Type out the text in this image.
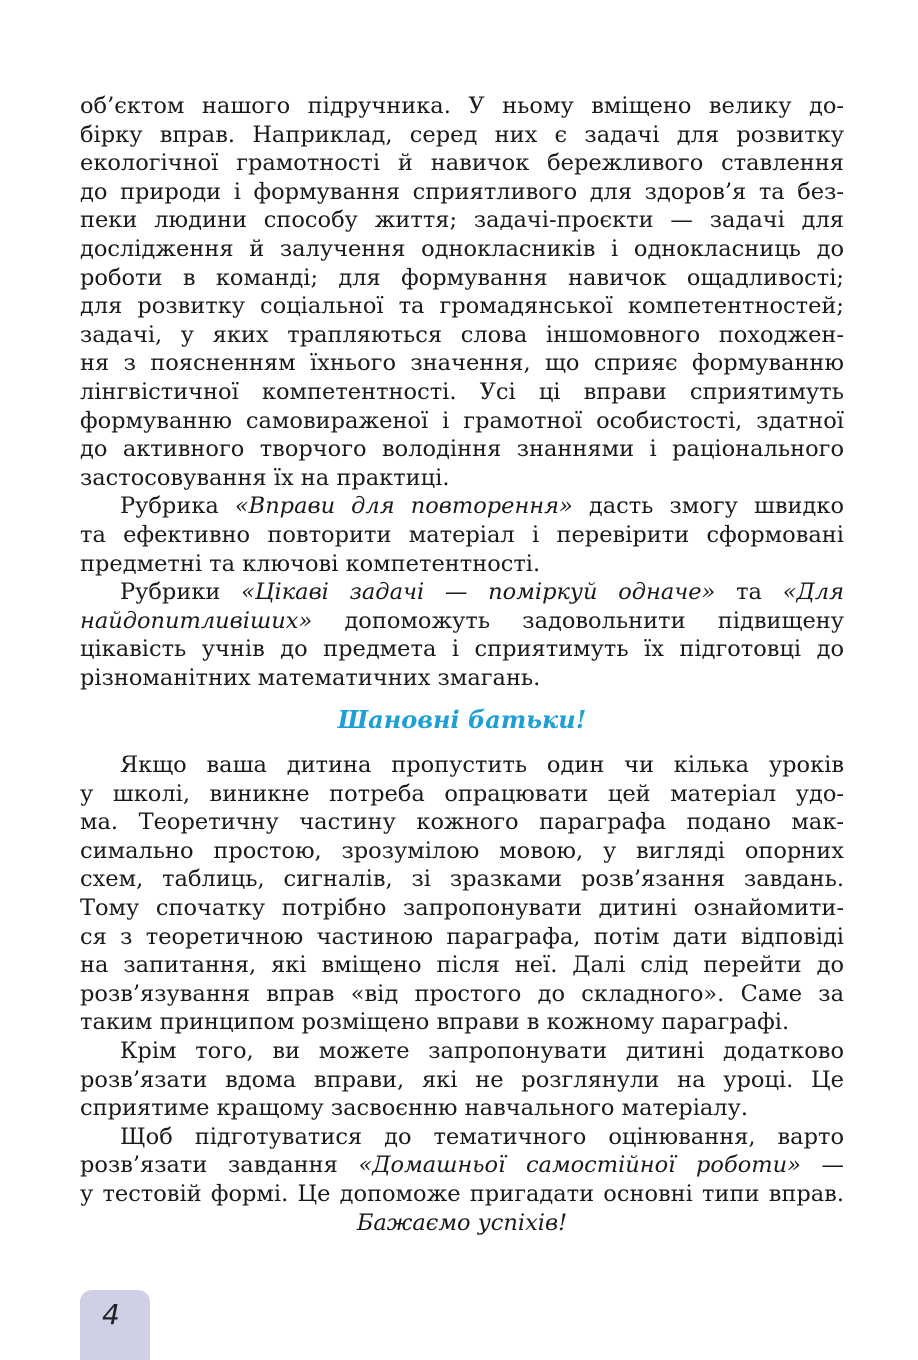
об’єктом нашого підручника. У ньому вміщено велику до-
бірку вправ. Наприклад, серед них є задачі для розвитку
екологічної грамотності й навичок бережливого ставлення
до природи і формування сприятливого для здоров’я та без-
пеки людини способу життя; задачі-проєкти — задачі для
дослідження й залучення однокласників і однокласниць до
роботи в команді; для формування навичок ощадливості;
для розвитку соціальної та громадянської компетентностей;
задачі, у яких трапляються слова іншомовного походжен-
ня з поясненням їхнього значення, що сприяє формуванню
лінгвістичної компетентності. Усі ці вправи сприятимуть
формуванню самовираженої і грамотної особистості, здатної
до активного творчого володіння знаннями і раціонального
застосовування їх на практиці.
Рубрика «Вправи для повторення» дасть змогу швидко
та ефективно повторити матеріал і перевірити сформовані
предметні та ключові компетентності.
Рубрики «Цікаві задачі — поміркуй одначе» та «Для
найдопитливіших» допоможуть задовольнити підвищену
цікавість учнів до предмета і сприятимуть їх підготовці до
різноманітних математичних змагань.
Шановні батьки!
Якщо ваша дитина пропустить один чи кілька уроків
у школі, виникне потреба опрацювати цей матеріал удо-
ма. Теоретичну частину кожного параграфа подано мак-
симально простою, зрозумілою мовою, у вигляді опорних
схем, таблиць, сигналів, зі зразками розв’язання завдань.
Тому спочатку потрібно запропонувати дитині ознайомити-
ся з теоретичною частиною параграфа, потім дати відповіді
на запитання, які вміщено після неї. Далі слід перейти до
розв’язування вправ «від простого до складного». Саме за
таким принципом розміщено вправи в кожному параграфі.
Крім того, ви можете запропонувати дитині додатково
розв’язати вдома вправи, які не розглянули на уроці. Це
сприятиме кращому засвоєнню навчального матеріалу.
Щоб підготуватися до тематичного оцінювання, варто
розв’язати завдання «Домашньої самостійної роботи» —
у тестовій формі. Це допоможе пригадати основні типи вправ.
Бажаємо успіхів!
4
